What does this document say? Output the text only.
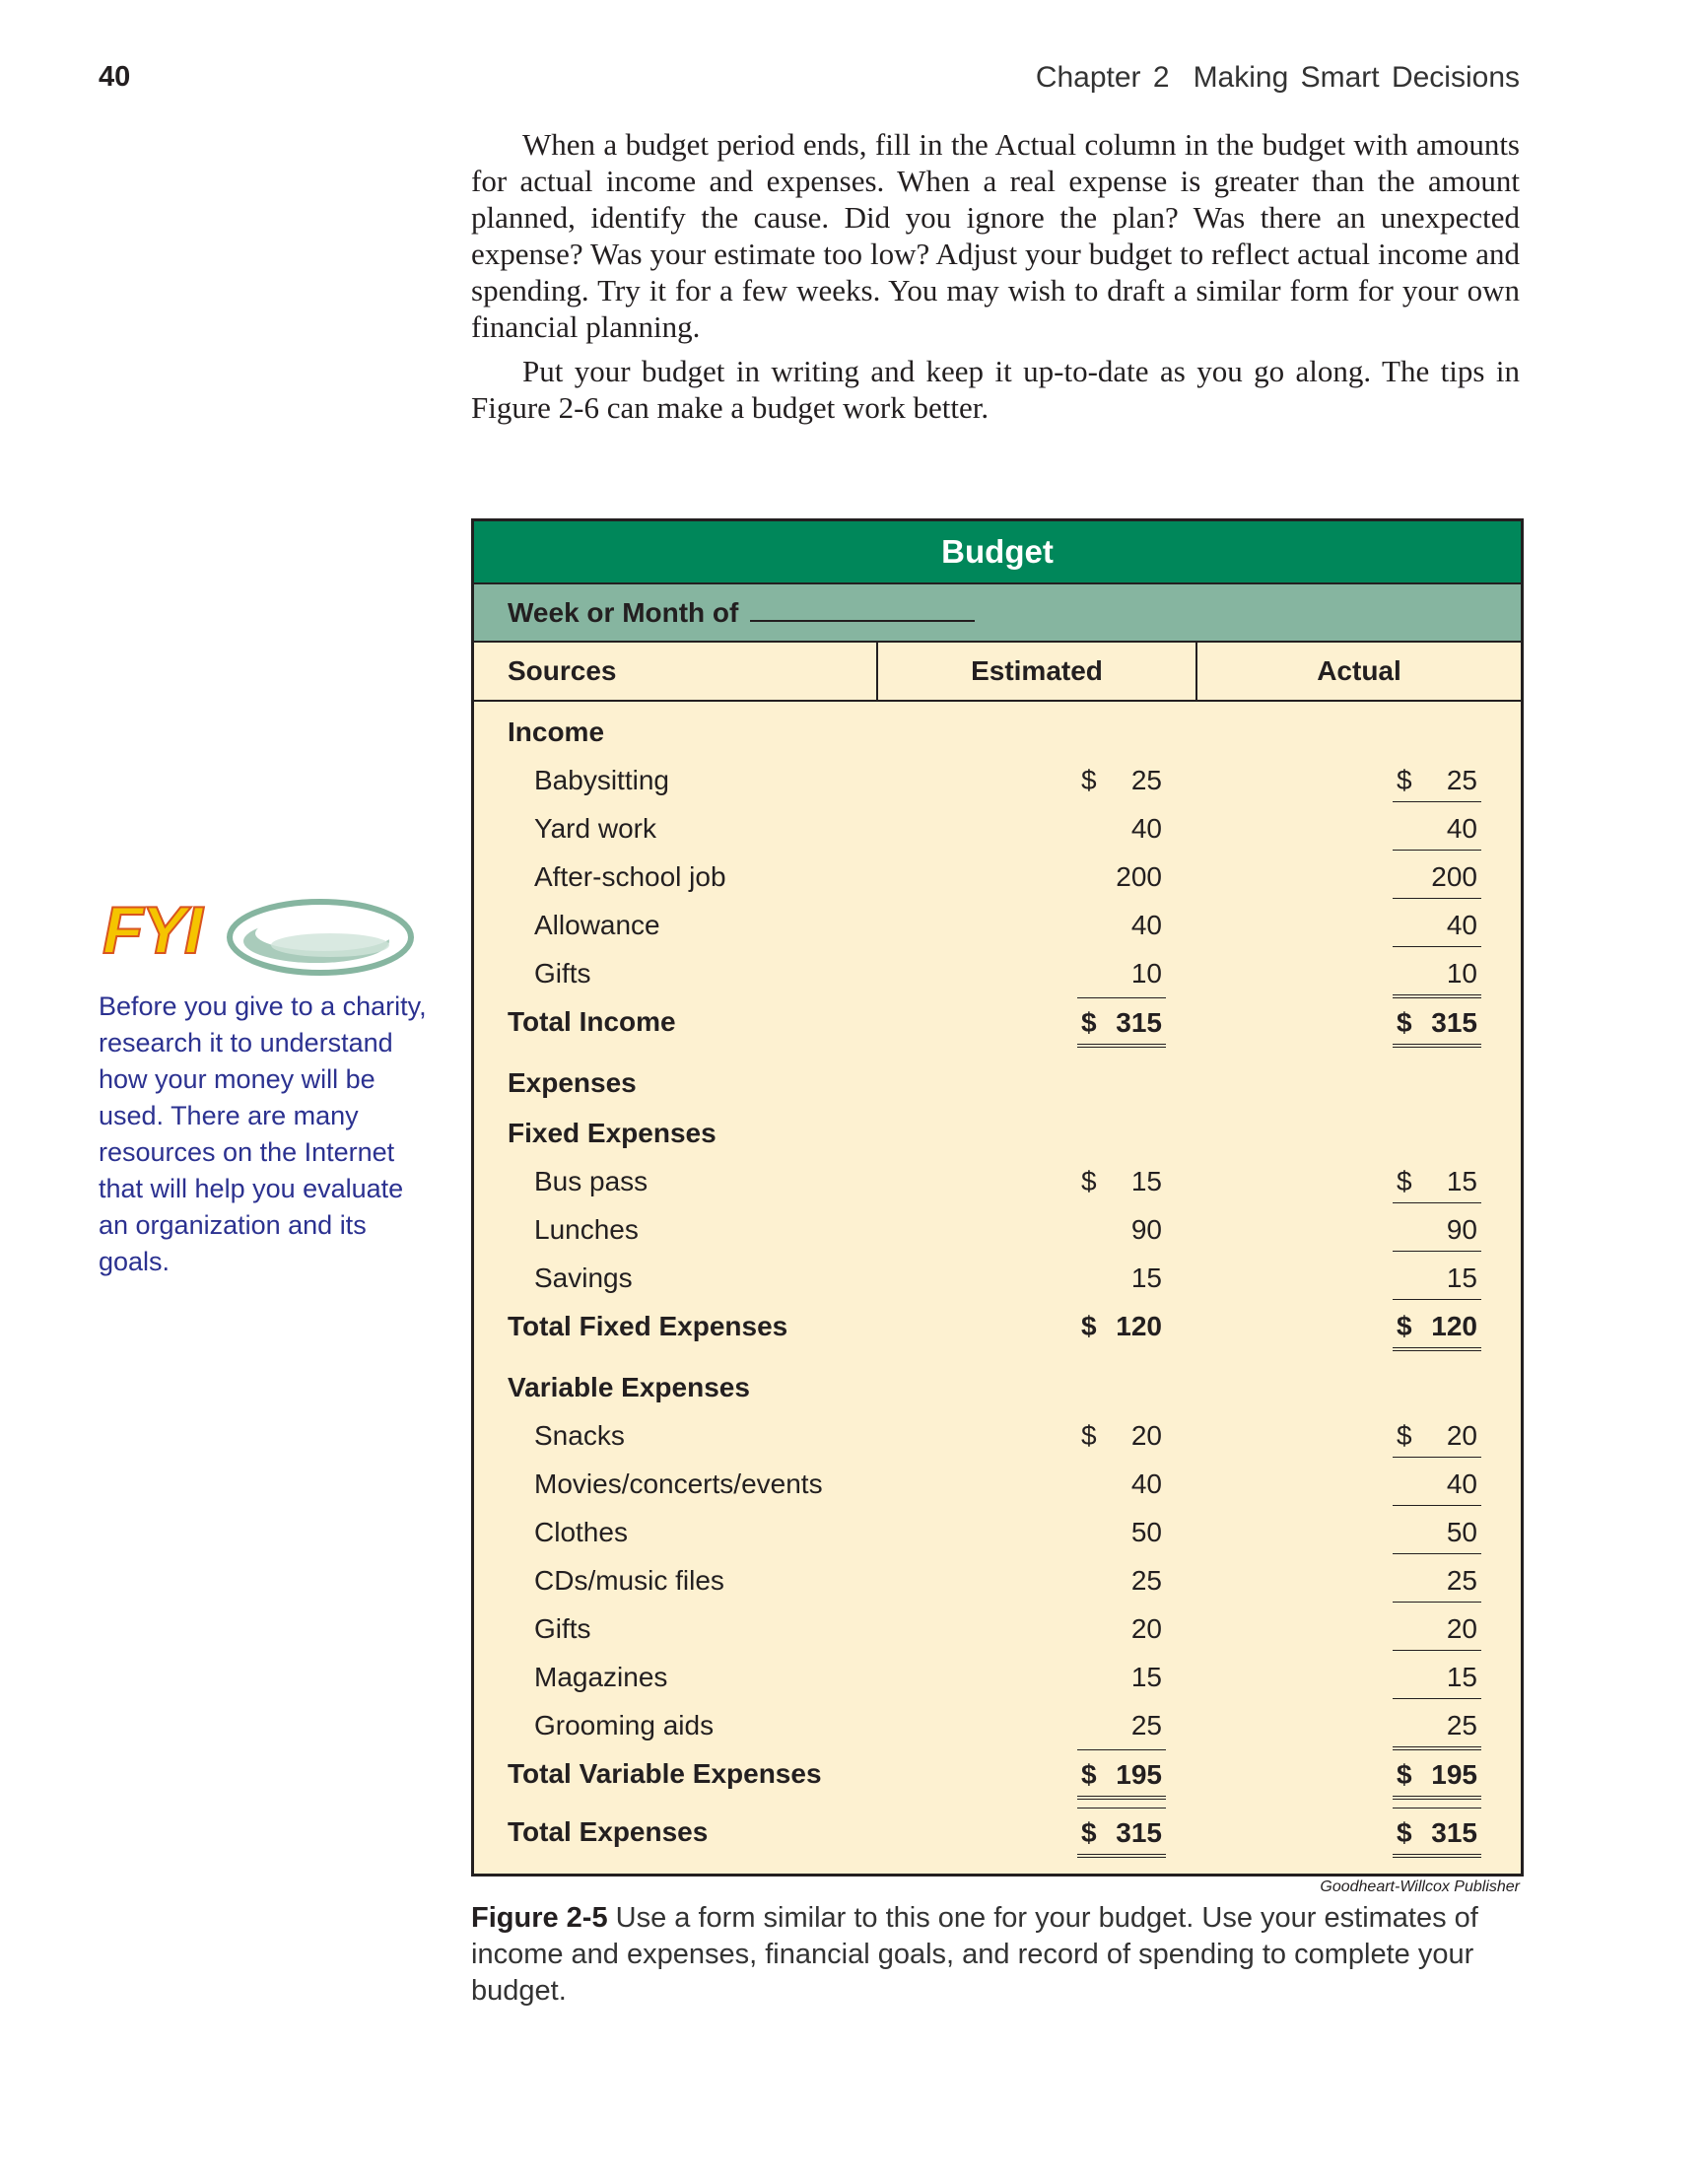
40	Chapter 2 Making Smart Decisions

When a budget period ends, fill in the Actual column in the budget with amounts for actual income and expenses. When a real expense is greater than the amount planned, identify the cause. Did you ignore the plan? Was there an unexpected expense? Was your estimate too low? Adjust your budget to reflect actual income and spending. Try it for a few weeks. You may wish to draft a similar form for your own financial planning.

Put your budget in writing and keep it up-to-date as you go along. The tips in Figure 2-6 can make a budget work better.

FYI
Before you give to a charity, research it to understand how your money will be used. There are many resources on the Internet that will help you evaluate an organization and its goals.
Budget
Week or Month of
Sources	Estimated	Actual
Income
Babysitting	$ 25	$ 25
Yard work	40	40
After-school job	200	200
Allowance	40	40
Gifts	10	10
Total Income	$ 315	$ 315
Expenses
Fixed Expenses
Bus pass	$ 15	$ 15
Lunches	90	90
Savings	15	15
Total Fixed Expenses	$ 120	$ 120
Variable Expenses
Snacks	$ 20	$ 20
Movies/concerts/events	40	40
Clothes	50	50
CDs/music files	25	25
Gifts	20	20
Magazines	15	15
Grooming aids	25	25
Total Variable Expenses	$ 195	$ 195
Total Expenses	$ 315	$ 315
Goodheart-Willcox Publisher
Figure 2-5 Use a form similar to this one for your budget. Use your estimates of income and expenses, financial goals, and record of spending to complete your budget.
